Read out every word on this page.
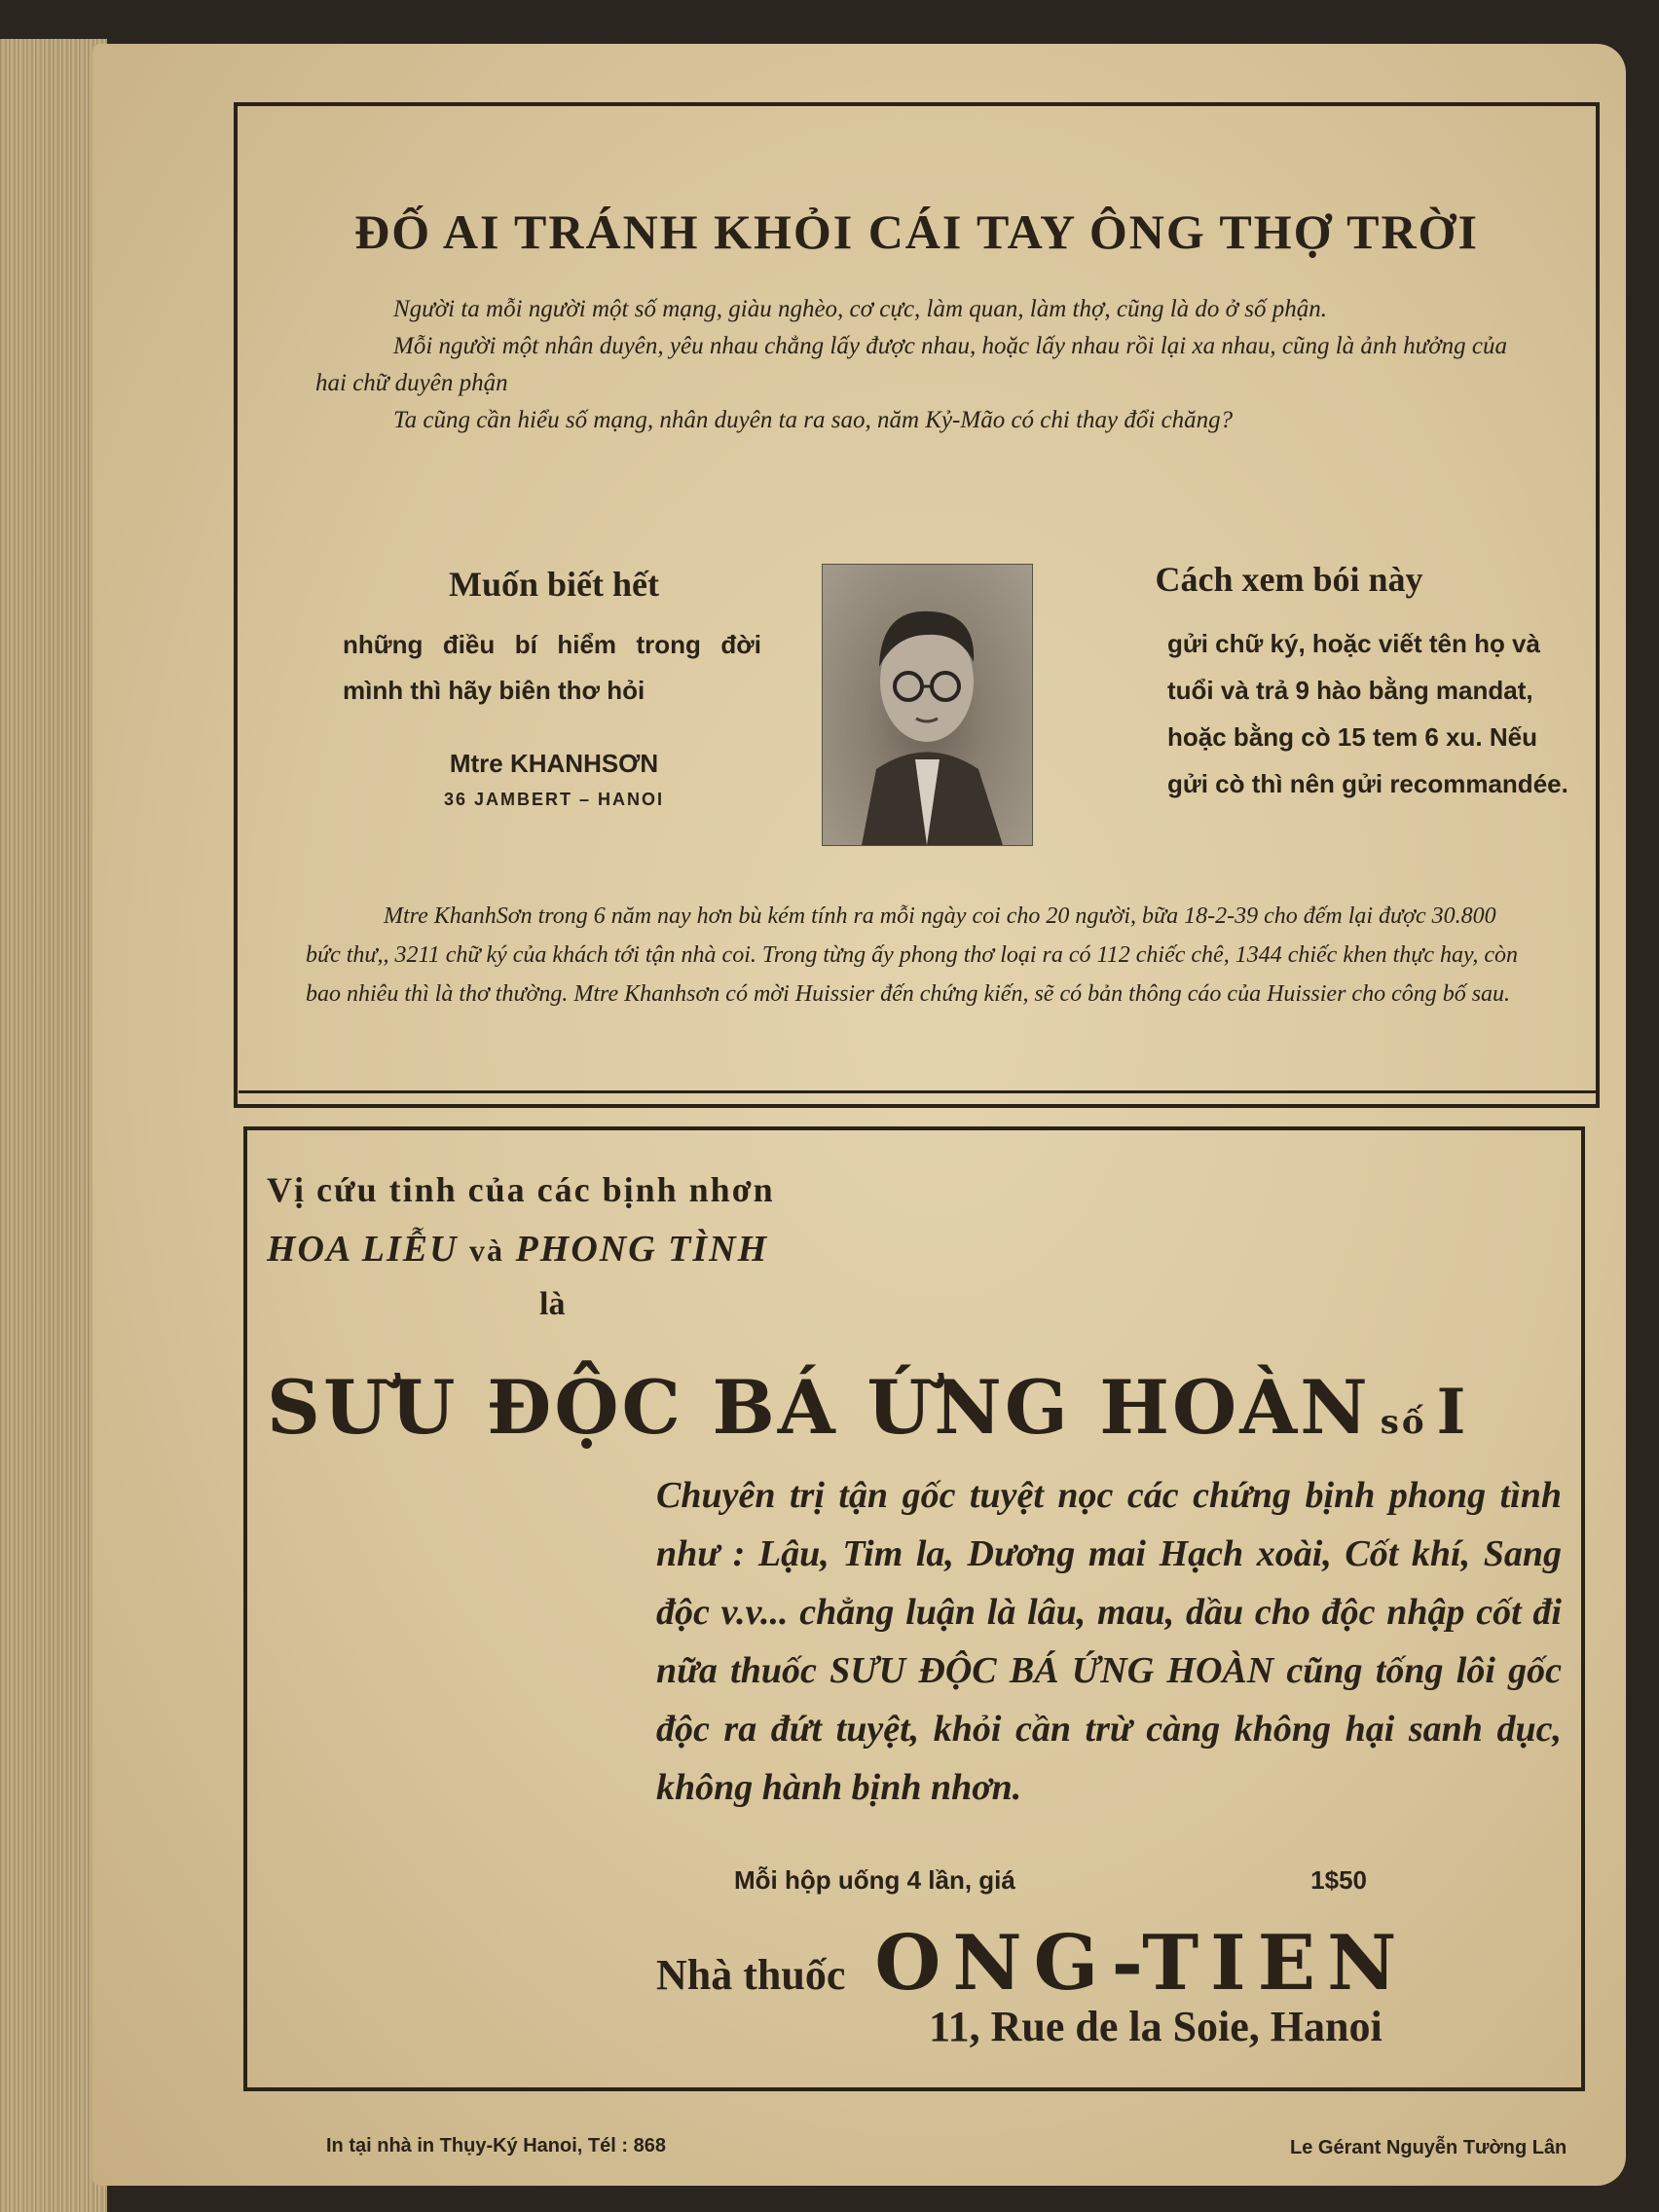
ĐỐ AI TRÁNH KHỎI CÁI TAY ÔNG THỢ TRỜI

Người ta mỗi người một số mạng, giàu nghèo, cơ cực, làm quan, làm thợ, cũng là do ở số phận.

Mỗi người một nhân duyên, yêu nhau chẳng lấy được nhau, hoặc lấy nhau rồi lại xa nhau, cũng là ảnh hưởng của hai chữ duyên phận

Ta cũng cần hiểu số mạng, nhân duyên ta ra sao, năm Kỷ-Mão có chi thay đổi chăng?

Muốn biết hết
những điều bí hiểm trong đời mình thì hãy biên thơ hỏi
Mtre KHANHSƠN
36 JAMBERT – HANOI
Cách xem bói này
gửi chữ ký, hoặc viết tên họ và tuổi và trả 9 hào bằng mandat, hoặc bằng cò 15 tem 6 xu. Nếu gửi cò thì nên gửi recommandée.

Mtre KhanhSơn trong 6 năm nay hơn bù kém tính ra mỗi ngày coi cho 20 người, bữa 18-2-39 cho đếm lại được 30.800 bức thư,, 3211 chữ ký của khách tới tận nhà coi. Trong từng ấy phong thơ loại ra có 112 chiếc chê, 1344 chiếc khen thực hay, còn bao nhiêu thì là thơ thường. Mtre Khanhsơn có mời Huissier đến chứng kiến, sẽ có bản thông cáo của Huissier cho công bố sau.

Vị cứu tinh của các bịnh nhơn
HOA LIỄU và PHONG TÌNH
là
SƯU ĐỘC BÁ ỨNG HOÀN số I
Chuyên trị tận gốc tuyệt nọc các chứng bịnh phong tình như : Lậu, Tim la, Dương mai Hạch xoài, Cốt khí, Sang độc v.v... chẳng luận là lâu, mau, dầu cho độc nhập cốt đi nữa thuốc SƯU ĐỘC BÁ ỨNG HOÀN cũng tống lôi gốc độc ra đứt tuyệt, khỏi cần trừ càng không hại sanh dục, không hành bịnh nhơn.
Mỗi hộp uống 4 lần, giá	1$50
Nhà thuốc ONG-TIEN
11, Rue de la Soie, Hanoi
In tại nhà in Thụy-Ký Hanoi, Tél : 868	Le Gérant Nguyễn Tường Lân
